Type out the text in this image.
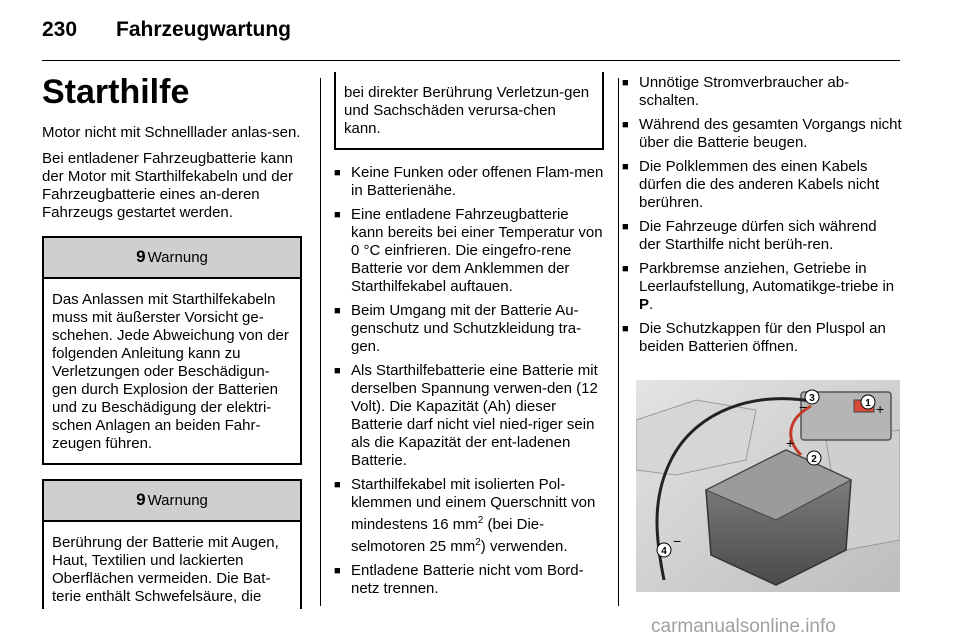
230 Fahrzeugwartung
Starthilfe

Motor nicht mit Schnelllader anlas-sen.

Bei entladener Fahrzeugbatterie kann der Motor mit Starthilfekabeln und der Fahrzeugbatterie eines an-deren Fahrzeugs gestartet werden.

9 Warnung
Das Anlassen mit Starthilfekabeln muss mit äußerster Vorsicht ge-schehen. Jede Abweichung von der folgenden Anleitung kann zu Verletzungen oder Beschädigun-gen durch Explosion der Batterien und zu Beschädigung der elektri-schen Anlagen an beiden Fahr-zeugen führen.
9 Warnung
Berührung der Batterie mit Augen, Haut, Textilien und lackierten Oberflächen vermeiden. Die Bat-terie enthält Schwefelsäure, die
bei direkter Berührung Verletzun-gen und Sachschäden verursa-chen kann.
■ Keine Funken oder offenen Flam-men in Batterienähe.
■ Eine entladene Fahrzeugbatterie kann bereits bei einer Temperatur von 0 °C einfrieren. Die eingefro-rene Batterie vor dem Anklemmen der Starthilfekabel auftauen.
■ Beim Umgang mit der Batterie Au-genschutz und Schutzkleidung tra-gen.
■ Als Starthilfebatterie eine Batterie mit derselben Spannung verwen-den (12 Volt). Die Kapazität (Ah) dieser Batterie darf nicht viel nied-riger sein als die Kapazität der ent-ladenen Batterie.
■ Starthilfekabel mit isolierten Pol-klemmen und einem Querschnitt von mindestens 16 $mm^2$ (bei Die-selmotoren 25 $mm^2$) verwenden.
■ Entladene Batterie nicht vom Bord-netz trennen.
■ Unnötige Stromverbraucher ab-schalten.
■ Während des gesamten Vorgangs nicht über die Batterie beugen.
■ Die Polklemmen des einen Kabels dürfen die des anderen Kabels nicht berühren.
■ Die Fahrzeuge dürfen sich während der Starthilfe nicht berüh-ren.
■ Parkbremse anziehen, Getriebe in Leerlaufstellung, Automatikge-triebe in P.
■ Die Schutzkappen für den Pluspol an beiden Batterien öffnen.
1 +
3
−
2
+
4
−
carmanualsonline.info
